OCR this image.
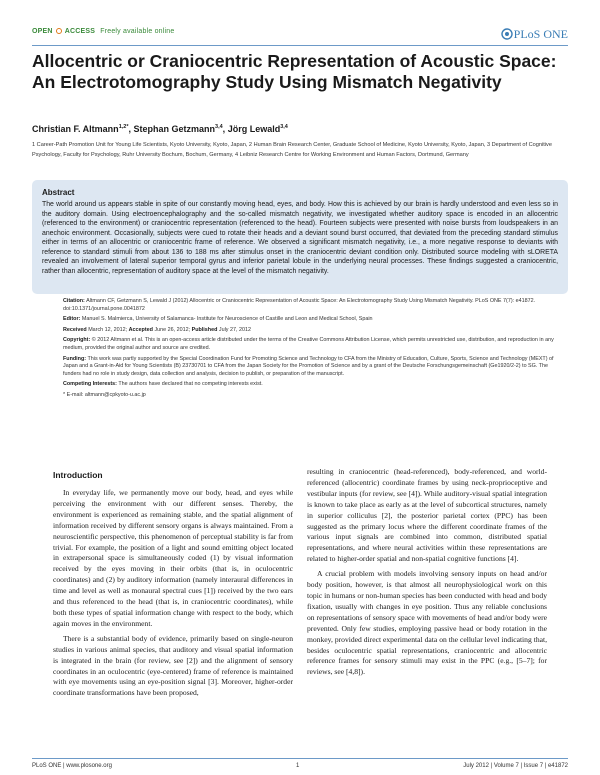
OPEN ACCESS Freely available online	PLoS ONE
Allocentric or Craniocentric Representation of Acoustic Space: An Electrotomography Study Using Mismatch Negativity
Christian F. Altmann$^{1,2*}$, Stephan Getzmann$^{3,4}$, Jörg Lewald$^{3,4}$
1 Career-Path Promotion Unit for Young Life Scientists, Kyoto University, Kyoto, Japan, 2 Human Brain Research Center, Graduate School of Medicine, Kyoto University, Kyoto, Japan, 3 Department of Cognitive Psychology, Faculty for Psychology, Ruhr University Bochum, Bochum, Germany, 4 Leibniz Research Centre for Working Environment and Human Factors, Dortmund, Germany
Abstract
The world around us appears stable in spite of our constantly moving head, eyes, and body. How this is achieved by our brain is hardly understood and even less so in the auditory domain. Using electroencephalography and the so-called mismatch negativity, we investigated whether auditory space is encoded in an allocentric (referenced to the environment) or craniocentric representation (referenced to the head). Fourteen subjects were presented with noise bursts from loudspeakers in an anechoic environment. Occasionally, subjects were cued to rotate their heads and a deviant sound burst occurred, that deviated from the preceding standard stimulus either in terms of an allocentric or craniocentric frame of reference. We observed a significant mismatch negativity, i.e., a more negative response to deviants with reference to standard stimuli from about 136 to 188 ms after stimulus onset in the craniocentric deviant condition only. Distributed source modeling with sLORETA revealed an involvement of lateral superior temporal gyrus and inferior parietal lobule in the underlying neural processes. These findings suggested a craniocentric, rather than allocentric, representation of auditory space at the level of the mismatch negativity.

Citation: Altmann CF, Getzmann S, Lewald J (2012) Allocentric or Craniocentric Representation of Acoustic Space: An Electrotomography Study Using Mismatch Negativity. PLoS ONE 7(7): e41872. doi:10.1371/journal.pone.0041872

Editor: Manuel S. Malmierca, University of Salamanca- Institute for Neuroscience of Castille and Leon and Medical School, Spain

Received March 12, 2012; Accepted June 26, 2012; Published July 27, 2012

Copyright: © 2012 Altmann et al. This is an open-access article distributed under the terms of the Creative Commons Attribution License, which permits unrestricted use, distribution, and reproduction in any medium, provided the original author and source are credited.

Funding: This work was partly supported by the Special Coordination Fund for Promoting Science and Technology to CFA from the Ministry of Education, Culture, Sports, Science and Technology (MEXT) of Japan and a Grant-in-Aid for Young Scientists (B) 23730701 to CFA from the Japan Society for the Promotion of Science and by a grant of the Deutsche Forschungsgemeinschaft (Ge1920/2-2) to SG. The funders had no role in study design, data collection and analysis, decision to publish, or preparation of the manuscript.

Competing Interests: The authors have declared that no competing interests exist.

* E-mail: altmann@cpkyoto-u.ac.jp

Introduction

In everyday life, we permanently move our body, head, and eyes while perceiving the environment with our different senses. Thereby, the environment is experienced as remaining stable, and the spatial alignment of information received by different sensory organs is always maintained. From a neuroscientific perspective, this phenomenon of perceptual stability is far from trivial. For example, the position of a light and sound emitting object located in extrapersonal space is simultaneously coded (1) by visual information received by the eyes moving in their orbits (that is, in oculocentric coordinates) and (2) by auditory information (namely interaural differences in time and level as well as monaural spectral cues [1]) received by the two ears and thus referenced to the head (that is, in craniocentric coordinates), while both these types of spatial information change with respect to the body, which again moves in the environment.

There is a substantial body of evidence, primarily based on single-neuron studies in various animal species, that auditory and visual spatial information is integrated in the brain (for review, see [2]) and the alignment of sensory coordinates in an oculocentric (eye-centered) frame of reference is maintained with eye movements using an eye-position signal [3]. Moreover, higher-order coordinate transformations have been proposed,

resulting in craniocentric (head-referenced), body-referenced, and world-referenced (allocentric) coordinate frames by using neck-proprioceptive and vestibular inputs (for review, see [4]). While auditory-visual spatial integration is known to take place as early as at the level of subcortical structures, namely in superior colliculus [2], the posterior parietal cortex (PPC) has been suggested as the primary locus where the different coordinate frames of the various input signals are combined into common, distributed spatial representations, and where neural activities within these representations are related to higher-order spatial and non-spatial cognitive functions [4].

A crucial problem with models involving sensory inputs on head and/or body position, however, is that almost all neurophysiological work on this topic in humans or non-human species has been conducted with head and body fixation, usually with changes in eye position. Thus any reliable conclusions on representations of sensory space with movements of head and/or body were prevented. Only few studies, employing passive head or body rotation in the monkey, provided direct experimental data on the cellular level indicating that, besides oculocentric spatial representations, craniocentric and allocentric reference frames for sensory stimuli may exist in the PPC (e.g., [5–7]; for reviews, see [4,8]).

PLoS ONE | www.plosone.org	1	July 2012 | Volume 7 | Issue 7 | e41872
